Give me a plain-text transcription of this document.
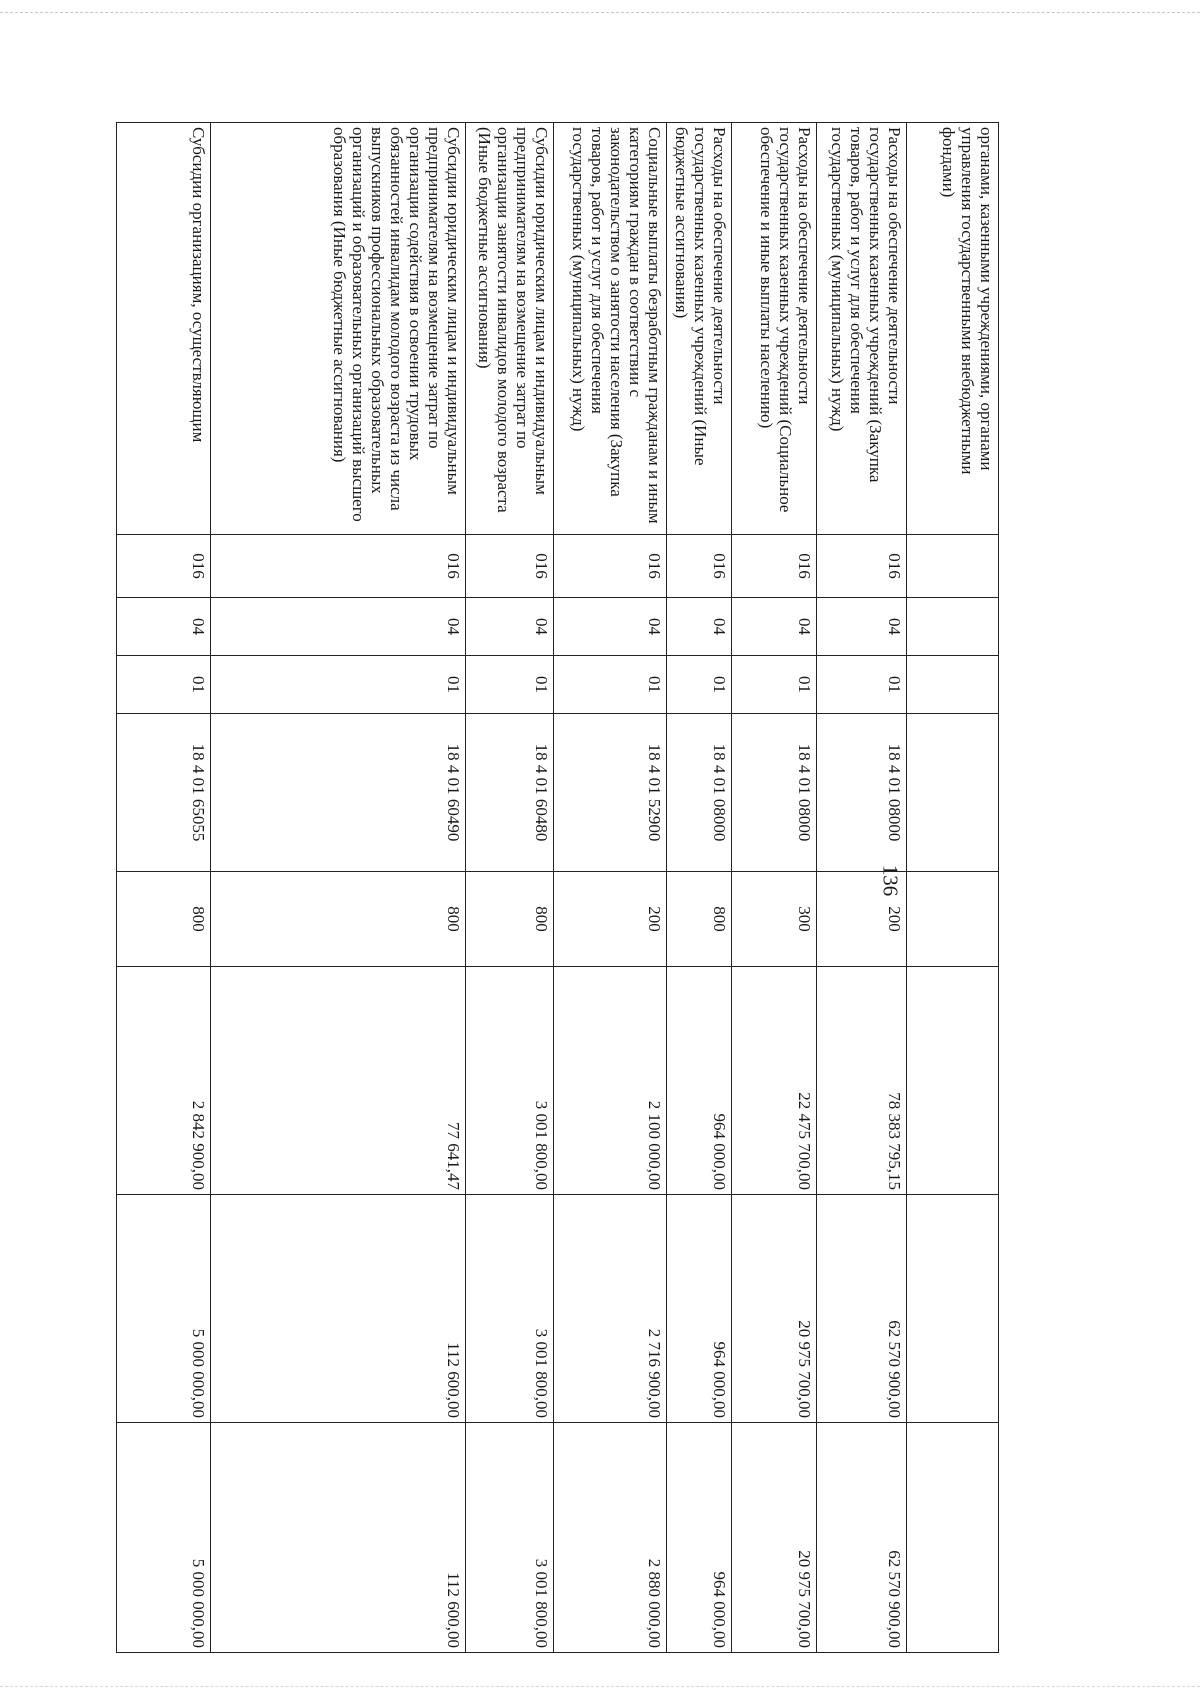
136
органами, казенными учреждениями, органами управления государственными внебюджетными фондами)								
Расходы на обеспечение деятельности государственных казенных учреждений (Закупка товаров, работ и услуг для обеспечения государственных (муниципальных) нужд)	016	04	01	18 4 01 08000	200	78 383 795,15	62 570 900,00	62 570 900,00
Расходы на обеспечение деятельности государственных казенных учреждений (Социальное обеспечение и иные выплаты населению)	016	04	01	18 4 01 08000	300	22 475 700,00	20 975 700,00	20 975 700,00
Расходы на обеспечение деятельности государственных казенных учреждений (Иные бюджетные ассигнования)	016	04	01	18 4 01 08000	800	964 000,00	964 000,00	964 000,00
Социальные выплаты безработным гражданам и иным категориям граждан в соответствии с законодательством о занятости населения (Закупка товаров, работ и услуг для обеспечения государственных (муниципальных) нужд)	016	04	01	18 4 01 52900	200	2 100 000,00	2 716 900,00	2 880 000,00
Субсидии юридическим лицам и индивидуальным предпринимателям на возмещение затрат по организации занятости инвалидов молодого возраста (Иные бюджетные ассигнования)	016	04	01	18 4 01 60480	800	3 001 800,00	3 001 800,00	3 001 800,00
Субсидии юридическим лицам и индивидуальным предпринимателям на возмещение затрат по организации содействия в освоении трудовых обязанностей инвалидам молодого возраста из числа выпускников профессиональных образовательных организаций и образовательных организаций высшего образования (Иные бюджетные ассигнования)	016	04	01	18 4 01 60490	800	77 641,47	112 600,00	112 600,00
Субсидии организациям, осуществляющим	016	04	01	18 4 01 65055	800	2 842 900,00	5 000 000,00	5 000 000,00
